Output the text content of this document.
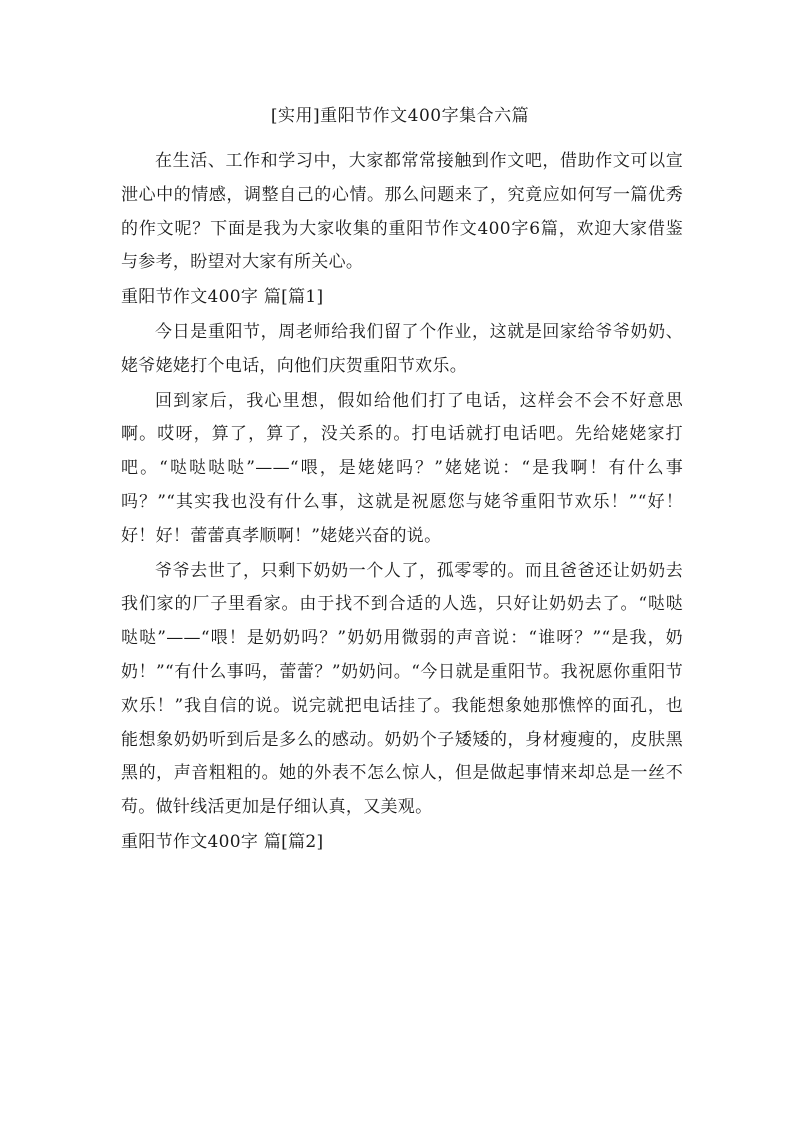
[实用]重阳节作文400字集合六篇

在生活、工作和学习中，大家都常常接触到作文吧，借助作文可以宣泄心中的情感，调整自己的心情。那么问题来了，究竟应如何写一篇优秀的作文呢？下面是我为大家收集的重阳节作文400字6篇，欢迎大家借鉴与参考，盼望对大家有所关心。

重阳节作文400字 篇[篇1]

今日是重阳节，周老师给我们留了个作业，这就是回家给爷爷奶奶、姥爷姥姥打个电话，向他们庆贺重阳节欢乐。

回到家后，我心里想，假如给他们打了电话，这样会不会不好意思啊。哎呀，算了，算了，没关系的。打电话就打电话吧。先给姥姥家打吧。“哒哒哒哒”——“喂，是姥姥吗？”姥姥说：“是我啊！有什么事吗？”“其实我也没有什么事，这就是祝愿您与姥爷重阳节欢乐！”“好！好！好！蕾蕾真孝顺啊！”姥姥兴奋的说。

爷爷去世了，只剩下奶奶一个人了，孤零零的。而且爸爸还让奶奶去我们家的厂子里看家。由于找不到合适的人选，只好让奶奶去了。“哒哒哒哒”——“喂！是奶奶吗？”奶奶用微弱的声音说：“谁呀？”“是我，奶奶！”“有什么事吗，蕾蕾？”奶奶问。“今日就是重阳节。我祝愿你重阳节欢乐！”我自信的说。说完就把电话挂了。我能想象她那憔悴的面孔，也能想象奶奶听到后是多么的感动。奶奶个子矮矮的，身材瘦瘦的，皮肤黑黑的，声音粗粗的。她的外表不怎么惊人，但是做起事情来却总是一丝不苟。做针线活更加是仔细认真，又美观。

重阳节作文400字 篇[篇2]
